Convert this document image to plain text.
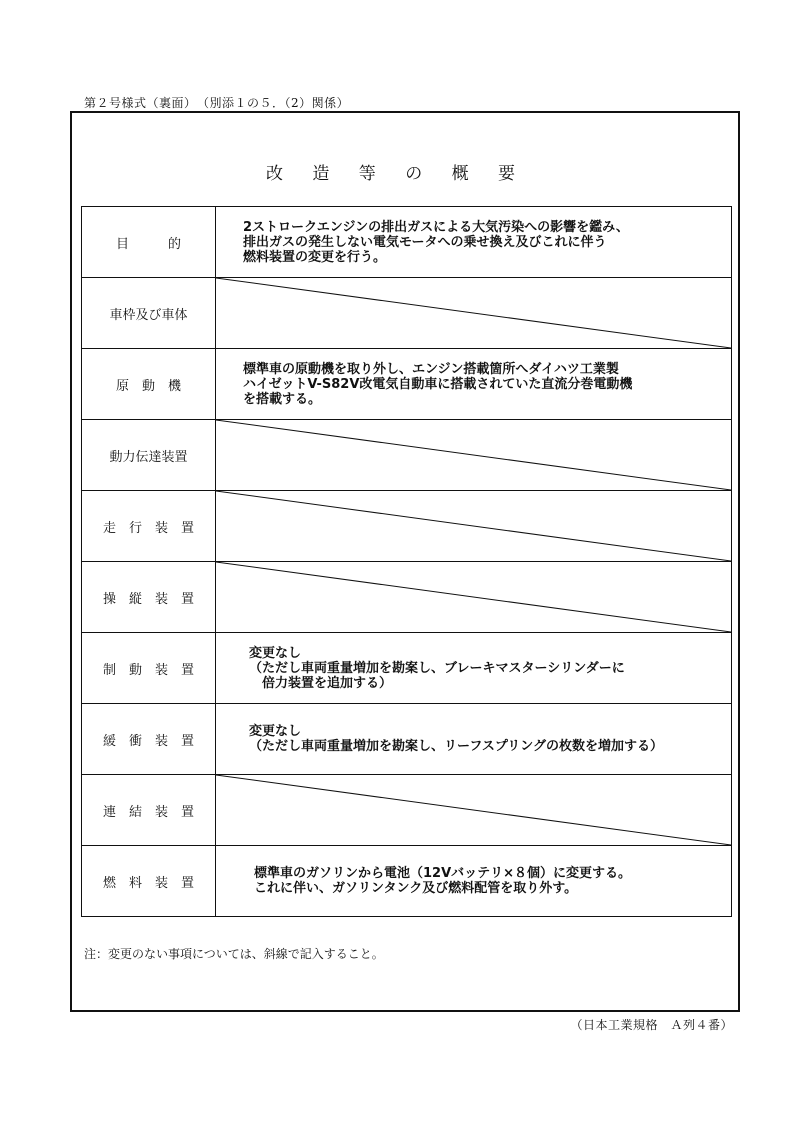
第２号様式（裏面）　（別添１の５．（2）関係）
改 造 等 の 概 要
目　　　的	2ストロークエンジンの排出ガスによる大気汚染への影響を鑑み、
排出ガスの発生しない電気モータへの乗せ換え及びこれに伴う
燃料装置の変更を行う。

車枠及び車体	

原　動　機	標準車の原動機を取り外し、エンジン搭載箇所へダイハツ工業製
ハイゼットV-S82V改電気自動車に搭載されていた直流分巻電動機
を搭載する。

動力伝達装置	

走　行　装　置	

操　縦　装　置	

制　動　装　置	変更なし
（ただし車両重量増加を勘案し、ブレーキマスターシリンダーに
　倍力装置を追加する）

緩　衝　装　置	変更なし
（ただし車両重量増加を勘案し、リーフスプリングの枚数を増加する）

連　結　装　置	

燃　料　装　置	標準車のガソリンから電池（12Vバッテリ×８個）に変更する。
これに伴い、ガソリンタンク及び燃料配管を取り外す。
注：変更のない事項については、斜線で記入すること。
（日本工業規格　Ａ列４番）
